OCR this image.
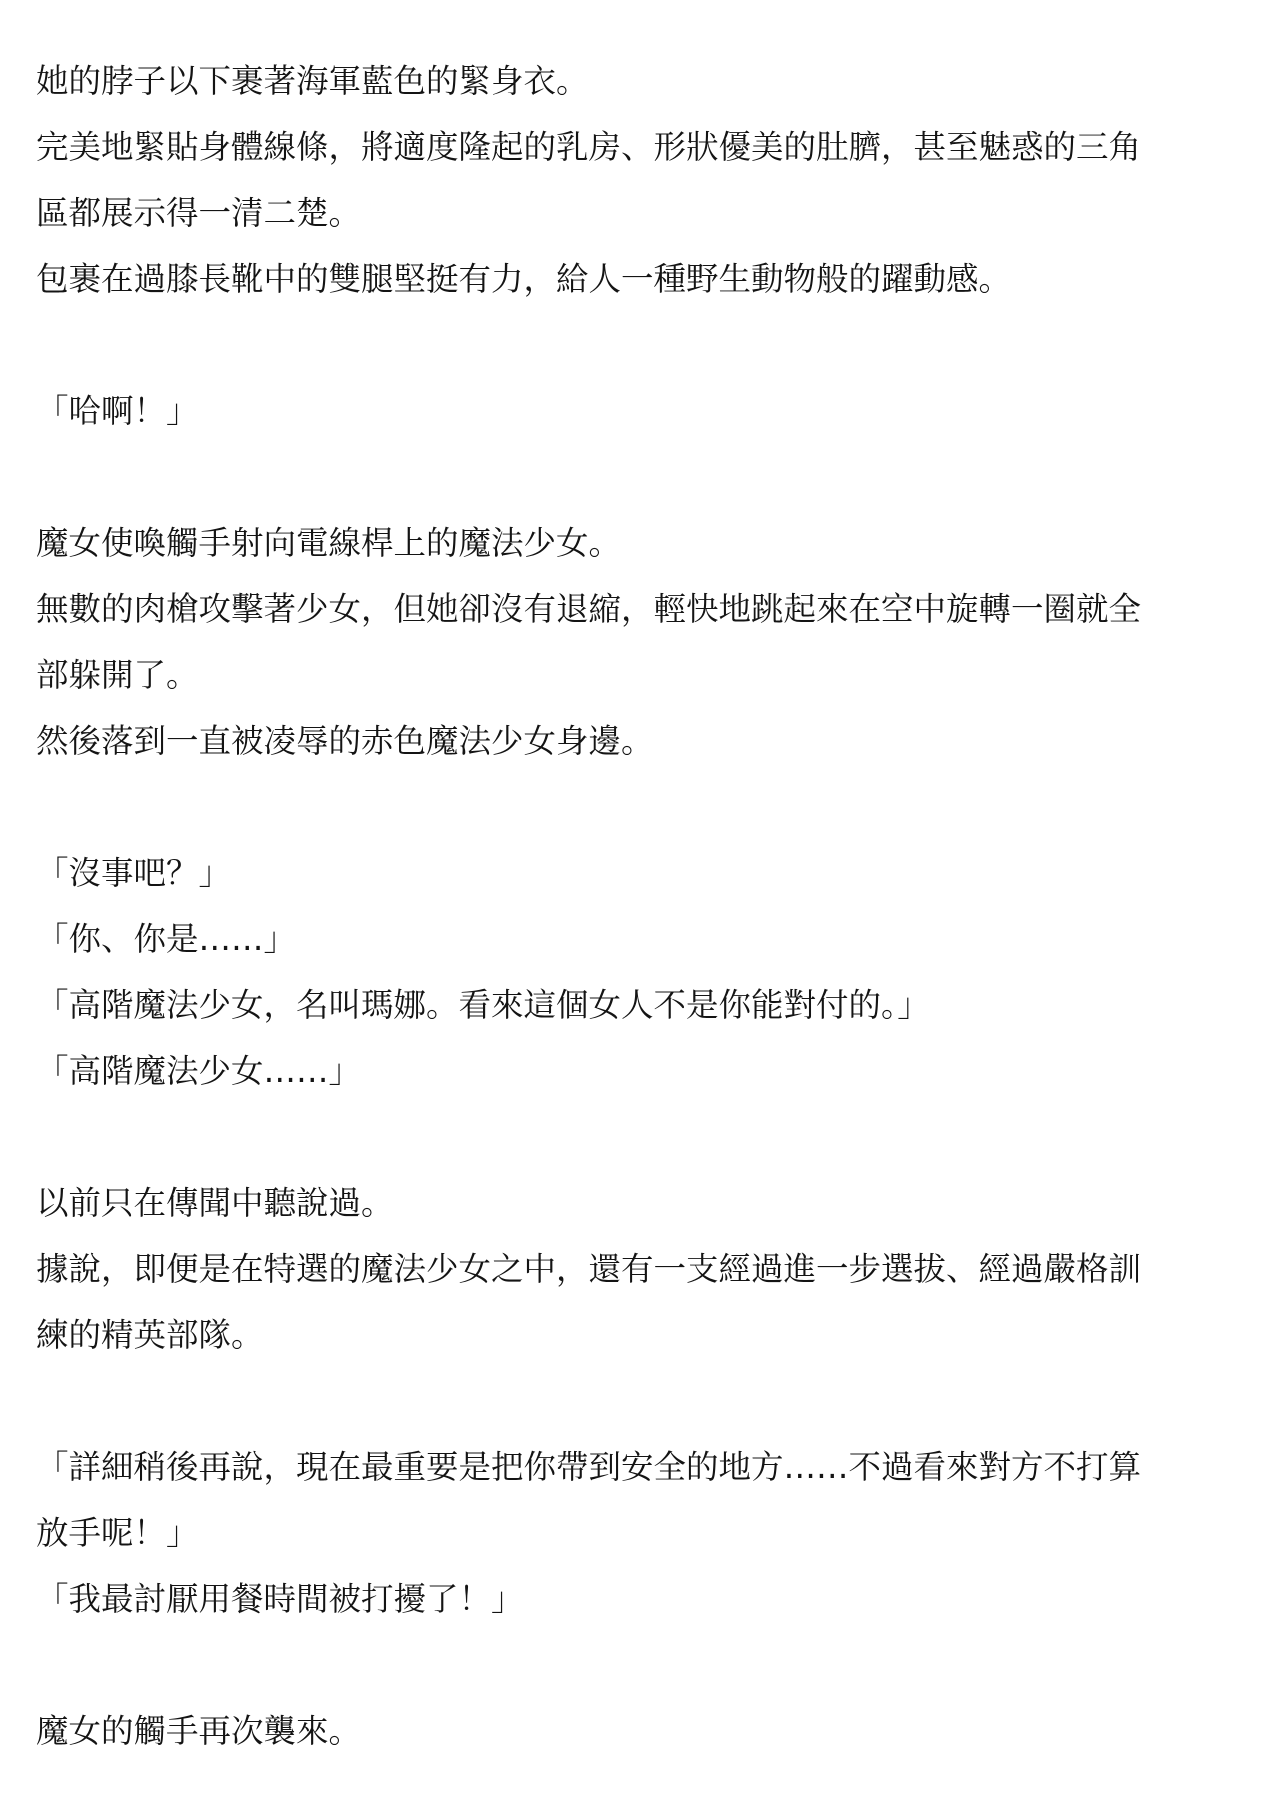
她的脖子以下裹著海軍藍色的緊身衣。
完美地緊貼身體線條，將適度隆起的乳房、形狀優美的肚臍，甚至魅惑的三角
區都展示得一清二楚。
包裹在過膝長靴中的雙腿堅挺有力，給人一種野生動物般的躍動感。
「哈啊！」
魔女使喚觸手射向電線桿上的魔法少女。
無數的肉槍攻擊著少女，但她卻沒有退縮，輕快地跳起來在空中旋轉一圈就全
部躲開了。
然後落到一直被凌辱的赤色魔法少女身邊。
「沒事吧？」
「你、你是……」
「高階魔法少女，名叫瑪娜。看來這個女人不是你能對付的。」
「高階魔法少女……」
以前只在傳聞中聽說過。
據說，即便是在特選的魔法少女之中，還有一支經過進一步選拔、經過嚴格訓
練的精英部隊。
「詳細稍後再說，現在最重要是把你帶到安全的地方……不過看來對方不打算
放手呢！」
「我最討厭用餐時間被打擾了！」
魔女的觸手再次襲來。
